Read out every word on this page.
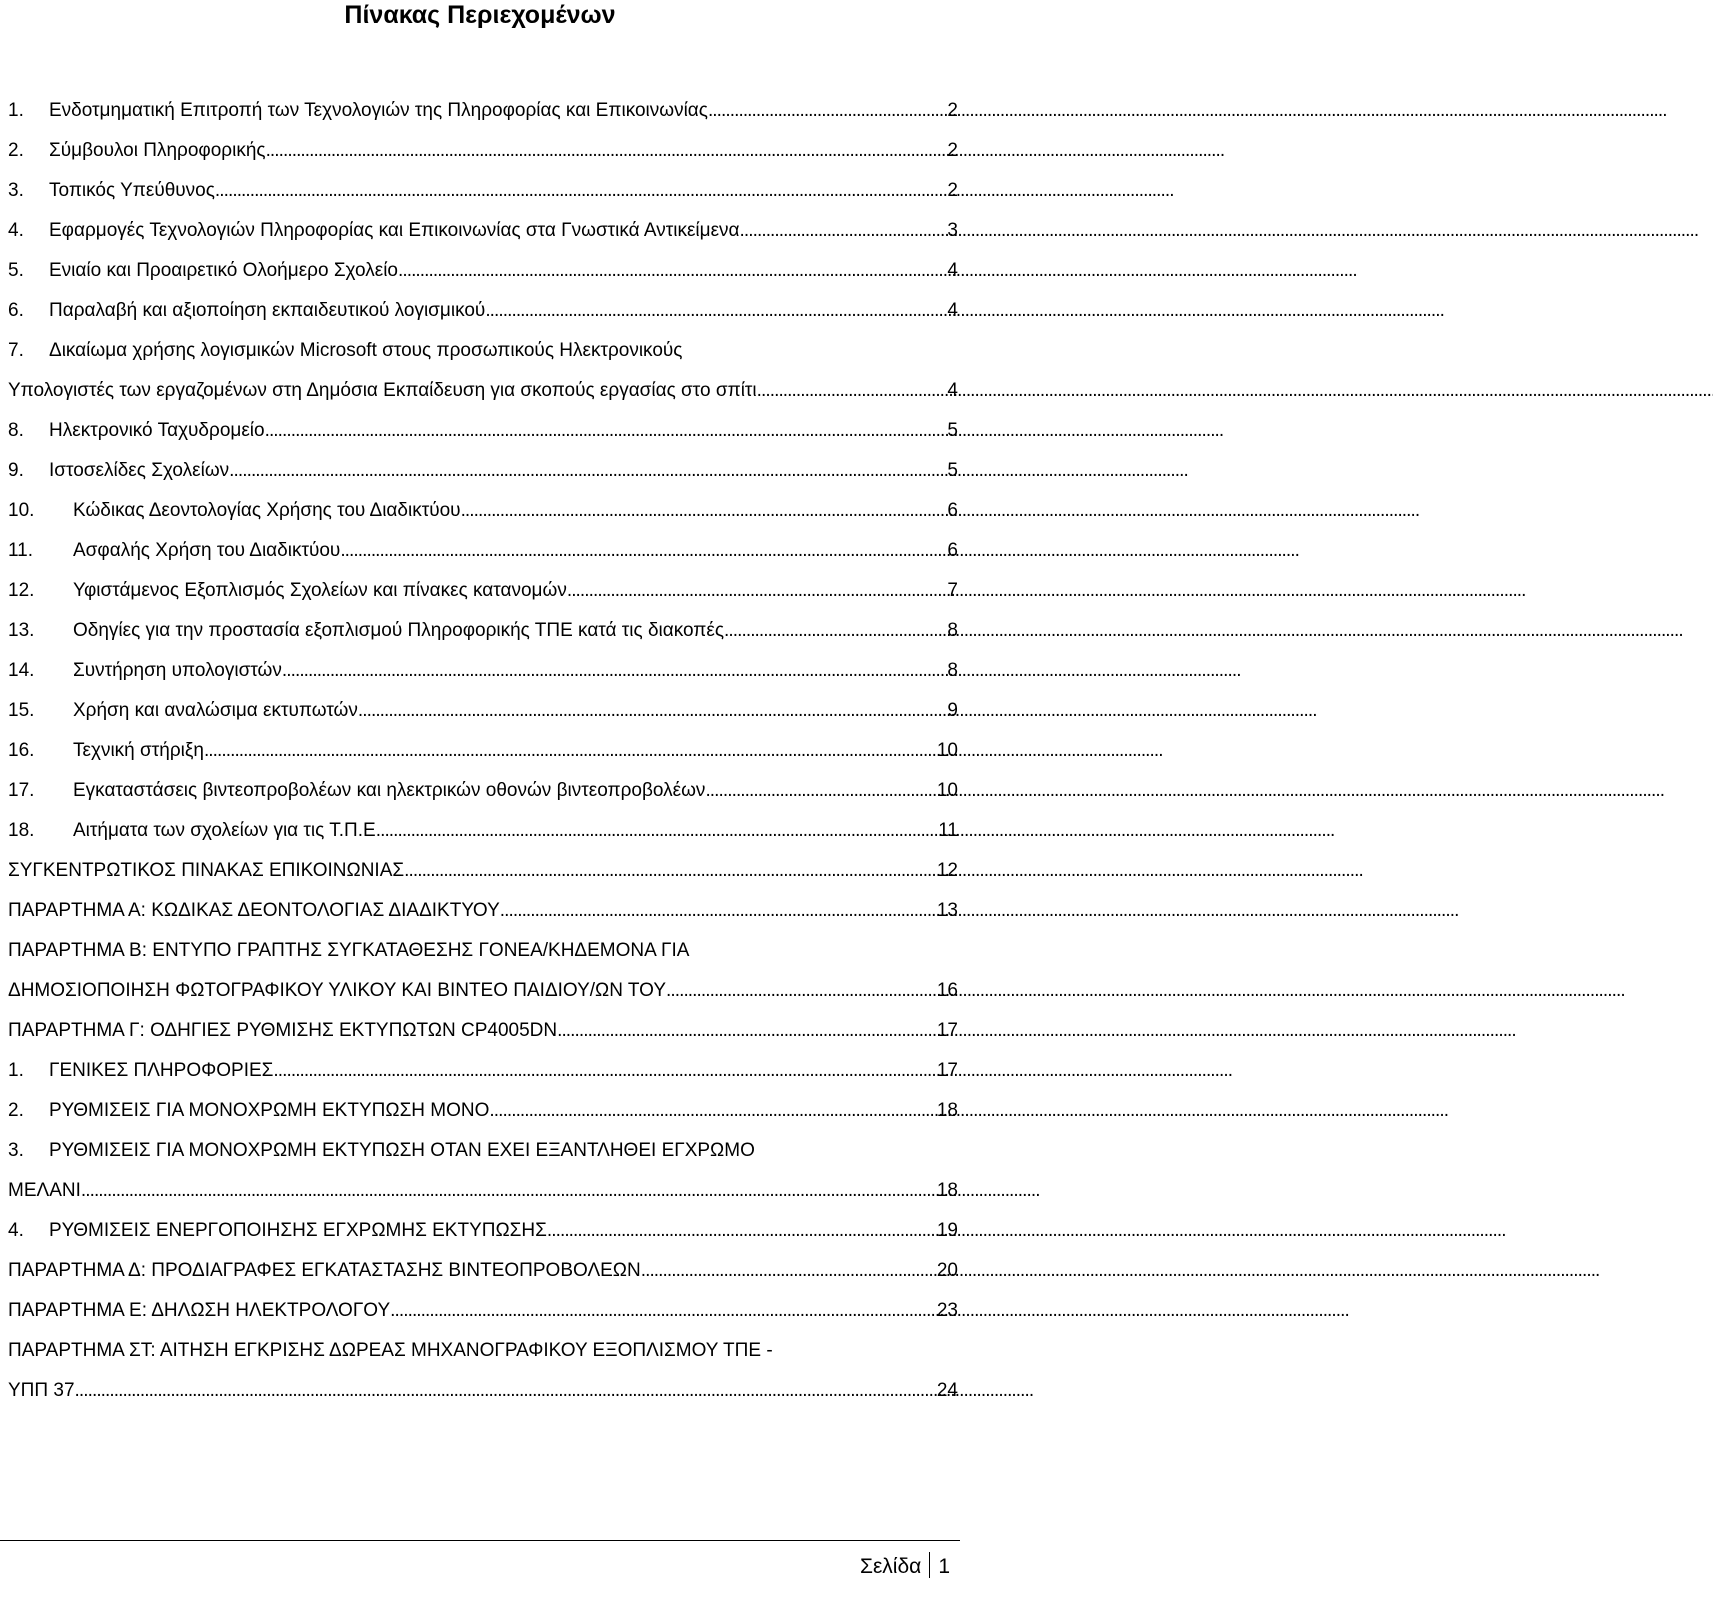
Πίνακας Περιεχομένων
1.	Ενδοτμηματική Επιτροπή των Τεχνολογιών της Πληροφορίας και Επικοινωνίας . . .	2
2.	Σύμβουλοι Πληροφορικής . . .	2
3.	Τοπικός Υπεύθυνος . . .	2
4.	Εφαρμογές Τεχνολογιών Πληροφορίας και Επικοινωνίας στα Γνωστικά Αντικείμενα . . .	3
5.	Ενιαίο και Προαιρετικό Ολοήμερο Σχολείο . . .	4
6.	Παραλαβή και αξιοποίηση εκπαιδευτικού λογισμικού . . .	4
7.	Δικαίωμα χρήσης λογισμικών Microsoft στους προσωπικούς Ηλεκτρονικούς
Υπολογιστές των εργαζομένων στη Δημόσια Εκπαίδευση για σκοπούς εργασίας στο σπίτι . . .	4
8.	Ηλεκτρονικό Ταχυδρομείο . . .	5
9.	Ιστοσελίδες Σχολείων . . .	5
10.	Κώδικας Δεοντολογίας Χρήσης του Διαδικτύου . . .	6
11.	Ασφαλής Χρήση του Διαδικτύου . . .	6
12.	Υφιστάμενος Εξοπλισμός Σχολείων και πίνακες κατανομών . . .	7
13.	Οδηγίες για την προστασία εξοπλισμού Πληροφορικής ΤΠΕ κατά τις διακοπές . . .	8
14.	Συντήρηση υπολογιστών . . .	8
15.	Χρήση και αναλώσιμα εκτυπωτών . . .	9
16.	Τεχνική στήριξη . . .	10
17.	Εγκαταστάσεις βιντεοπροβολέων και ηλεκτρικών οθονών βιντεοπροβολέων . . .	10
18.	Αιτήματα των σχολείων για τις Τ.Π.Ε . . .	11
ΣΥΓΚΕΝΤΡΩΤΙΚΟΣ ΠΙΝΑΚΑΣ ΕΠΙΚΟΙΝΩΝΙΑΣ . . .	12
ΠΑΡΑΡΤΗΜΑ Α: ΚΩΔΙΚΑΣ ΔΕΟΝΤΟΛΟΓΙΑΣ ΔΙΑΔΙΚΤΥΟΥ . . .	13
ΠΑΡΑΡΤΗΜΑ Β: ΕΝΤΥΠΟ ΓΡΑΠΤΗΣ ΣΥΓΚΑΤΑΘΕΣΗΣ ΓΟΝΕΑ/ΚΗΔΕΜΟΝΑ ΓΙΑ
ΔΗΜΟΣΙΟΠΟΙΗΣΗ ΦΩΤΟΓΡΑΦΙΚΟΥ ΥΛΙΚΟΥ ΚΑΙ ΒΙΝΤΕΟ ΠΑΙΔΙΟΥ/ΩΝ ΤΟΥ . . .	16
ΠΑΡΑΡΤΗΜΑ Γ: ΟΔΗΓΙΕΣ ΡΥΘΜΙΣΗΣ ΕΚΤΥΠΩΤΩΝ CP4005DN . . .	17
1.	ΓΕΝΙΚΕΣ ΠΛΗΡΟΦΟΡΙΕΣ . . .	17
2.	ΡΥΘΜΙΣΕΙΣ ΓΙΑ ΜΟΝΟΧΡΩΜΗ ΕΚΤΥΠΩΣΗ ΜΟΝΟ . . .	18
3.	ΡΥΘΜΙΣΕΙΣ ΓΙΑ ΜΟΝΟΧΡΩΜΗ ΕΚΤΥΠΩΣΗ ΟΤΑΝ ΕΧΕΙ ΕΞΑΝΤΛΗΘΕΙ ΕΓΧΡΩΜΟ
ΜΕΛΑΝΙ . . .	18
4.	ΡΥΘΜΙΣΕΙΣ ΕΝΕΡΓΟΠΟΙΗΣΗΣ ΕΓΧΡΩΜΗΣ ΕΚΤΥΠΩΣΗΣ . . .	19
ΠΑΡΑΡΤΗΜΑ Δ: ΠΡΟΔΙΑΓΡΑΦΕΣ ΕΓΚΑΤΑΣΤΑΣΗΣ ΒΙΝΤΕΟΠΡΟΒΟΛΕΩΝ . . .	20
ΠΑΡΑΡΤΗΜΑ Ε: ΔΗΛΩΣΗ ΗΛΕΚΤΡΟΛΟΓΟΥ . . .	23
ΠΑΡΑΡΤΗΜΑ ΣΤ: ΑΙΤΗΣΗ ΕΓΚΡΙΣΗΣ ΔΩΡΕΑΣ ΜΗΧΑΝΟΓΡΑΦΙΚΟΥ ΕΞΟΠΛΙΣΜΟΥ ΤΠΕ -
ΥΠΠ 37 . . .	24
Σελίδα 1
